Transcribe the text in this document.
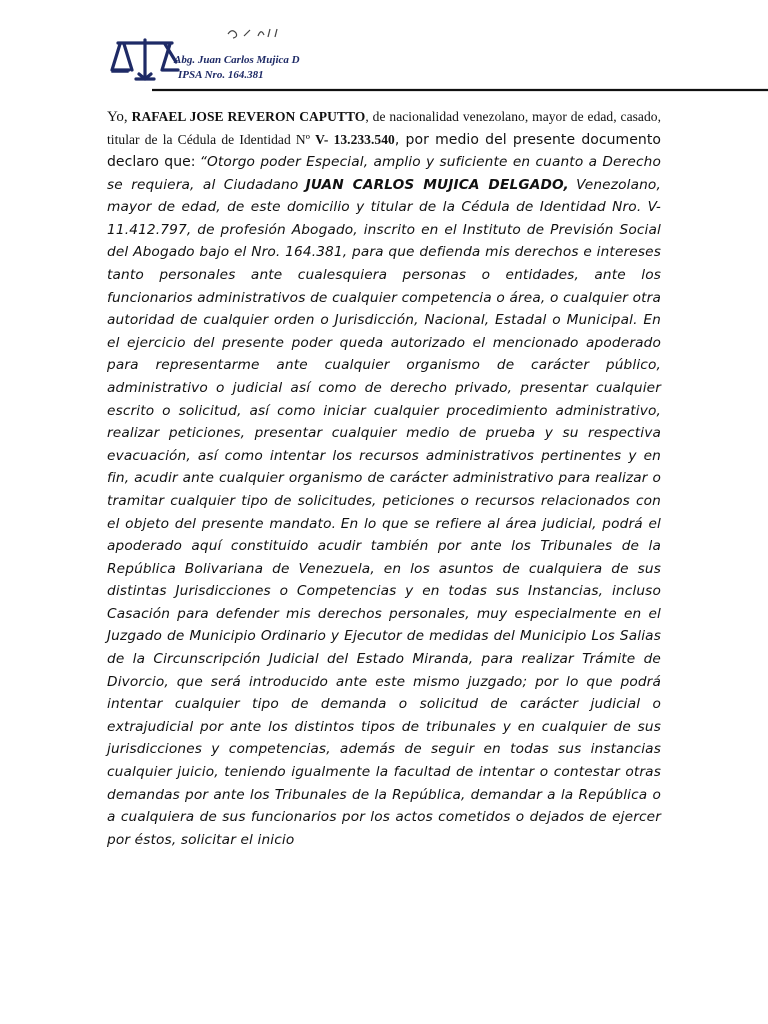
Abg. Juan Carlos Mujica D
IPSA Nro. 164.381

Yo, RAFAEL JOSE REVERON CAPUTTO, de nacionalidad venezolano, mayor de edad, casado, titular de la Cédula de Identidad Nº V- 13.233.540, por medio del presente documento declaro que: “Otorgo poder Especial, amplio y suficiente en cuanto a Derecho se requiera, al Ciudadano JUAN CARLOS MUJICA DELGADO, Venezolano, mayor de edad, de este domicilio y titular de la Cédula de Identidad Nro. V-11.412.797, de profesión Abogado, inscrito en el Instituto de Previsión Social del Abogado bajo el Nro. 164.381, para que defienda mis derechos e intereses tanto personales ante cualesquiera personas o entidades, ante los funcionarios administrativos de cualquier competencia o área, o cualquier otra autoridad de cualquier orden o Jurisdicción, Nacional, Estadal o Municipal. En el ejercicio del presente poder queda autorizado el mencionado apoderado para representarme ante cualquier organismo de carácter público, administrativo o judicial así como de derecho privado, presentar cualquier escrito o solicitud, así como iniciar cualquier procedimiento administrativo, realizar peticiones, presentar cualquier medio de prueba y su respectiva evacuación, así como intentar los recursos administrativos pertinentes y en fin, acudir ante cualquier organismo de carácter administrativo para realizar o tramitar cualquier tipo de solicitudes, peticiones o recursos relacionados con el objeto del presente mandato. En lo que se refiere al área judicial, podrá el apoderado aquí constituido acudir también por ante los Tribunales de la República Bolivariana de Venezuela, en los asuntos de cualquiera de sus distintas Jurisdicciones o Competencias y en todas sus Instancias, incluso Casación para defender mis derechos personales, muy especialmente en el Juzgado de Municipio Ordinario y Ejecutor de medidas del Municipio Los Salias de la Circunscripción Judicial del Estado Miranda, para realizar Trámite de Divorcio, que será introducido ante este mismo juzgado; por lo que podrá intentar cualquier tipo de demanda o solicitud de carácter judicial o extrajudicial por ante los distintos tipos de tribunales y en cualquier de sus jurisdicciones y competencias, además de seguir en todas sus instancias cualquier juicio, teniendo igualmente la facultad de intentar o contestar otras demandas por ante los Tribunales de la República, demandar a la República o a cualquiera de sus funcionarios por los actos cometidos o dejados de ejercer por éstos, solicitar el inicio
